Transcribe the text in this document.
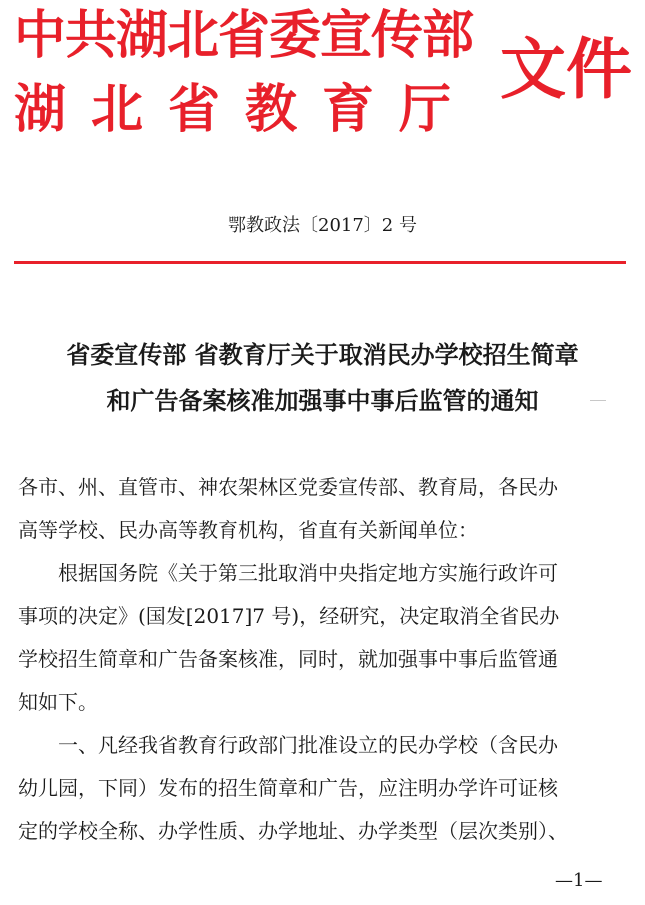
中共湖北省委宣传部
湖北省教育厅
文件
鄂教政法〔2017〕2 号
省委宣传部 省教育厅关于取消民办学校招生简章
和广告备案核准加强事中事后监管的通知
各市、州、直管市、神农架林区党委宣传部、教育局，各民办
高等学校、民办高等教育机构，省直有关新闻单位：
　　根据国务院《关于第三批取消中央指定地方实施行政许可
事项的决定》(国发[2017]7 号)，经研究，决定取消全省民办
学校招生简章和广告备案核准，同时，就加强事中事后监管通
知如下。
　　一、凡经我省教育行政部门批准设立的民办学校（含民办
幼儿园，下同）发布的招生简章和广告，应注明办学许可证核
定的学校全称、办学性质、办学地址、办学类型（层次类别）、
—1—
